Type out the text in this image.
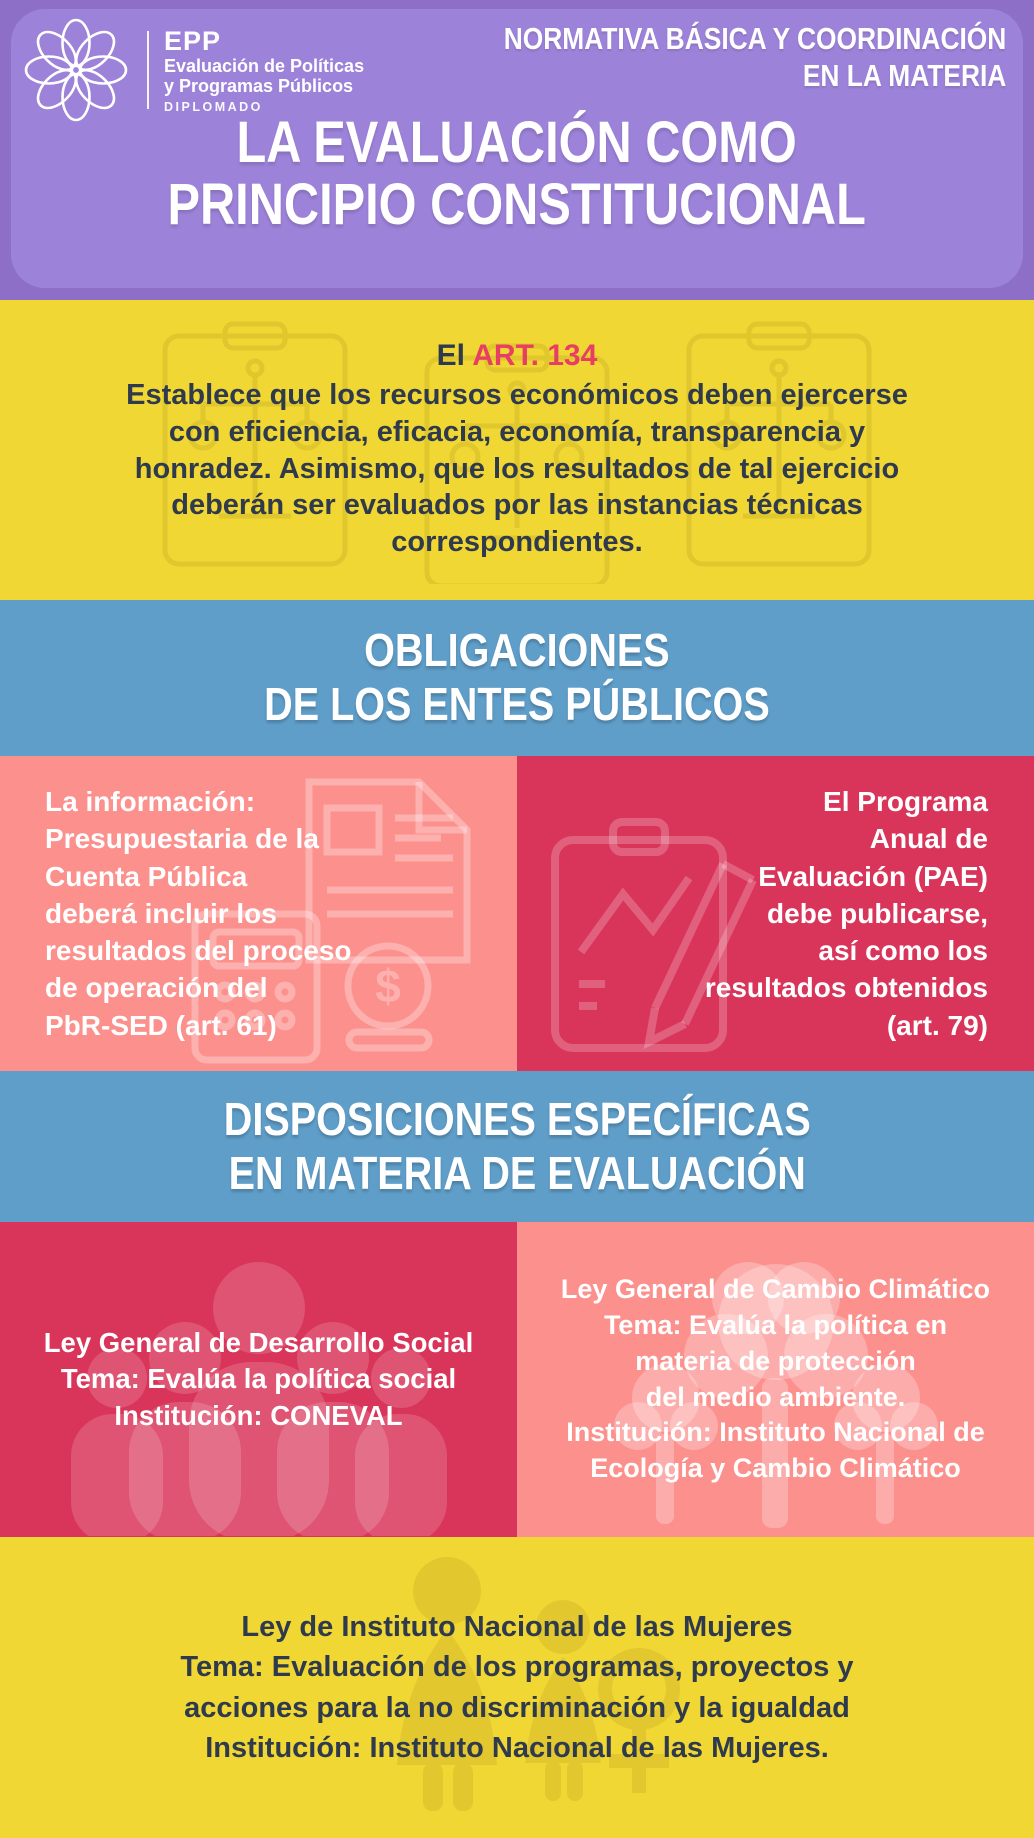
EPP
Evaluación de Políticas
y Programas Públicos
DIPLOMADO
NORMATIVA BÁSICA Y COORDINACIÓN
EN LA MATERIA
LA EVALUACIÓN COMO
PRINCIPIO CONSTITUCIONAL
El ART. 134
Establece que los recursos económicos deben ejercerse
con eficiencia, eficacia, economía, transparencia y
honradez. Asimismo, que los resultados de tal ejercicio
deberán ser evaluados por las instancias técnicas
correspondientes.
OBLIGACIONES
DE LOS ENTES PÚBLICOS
$
La información:
Presupuestaria de la
Cuenta Pública
deberá incluir los
resultados del proceso
de operación del
PbR-SED (art. 61)
El Programa
Anual de
Evaluación (PAE)
debe publicarse,
así como los
resultados obtenidos
(art. 79)
DISPOSICIONES ESPECÍFICAS
EN MATERIA DE EVALUACIÓN
Ley General de Desarrollo Social
Tema: Evalúa la política social
Institución: CONEVAL
Ley General de Cambio Climático
Tema: Evalúa la política en
materia de protección
del medio ambiente.
Institución: Instituto Nacional de
Ecología y Cambio Climático
Ley de Instituto Nacional de las Mujeres
Tema: Evaluación de los programas, proyectos y
acciones para la no discriminación y la igualdad
Institución: Instituto Nacional de las Mujeres.
